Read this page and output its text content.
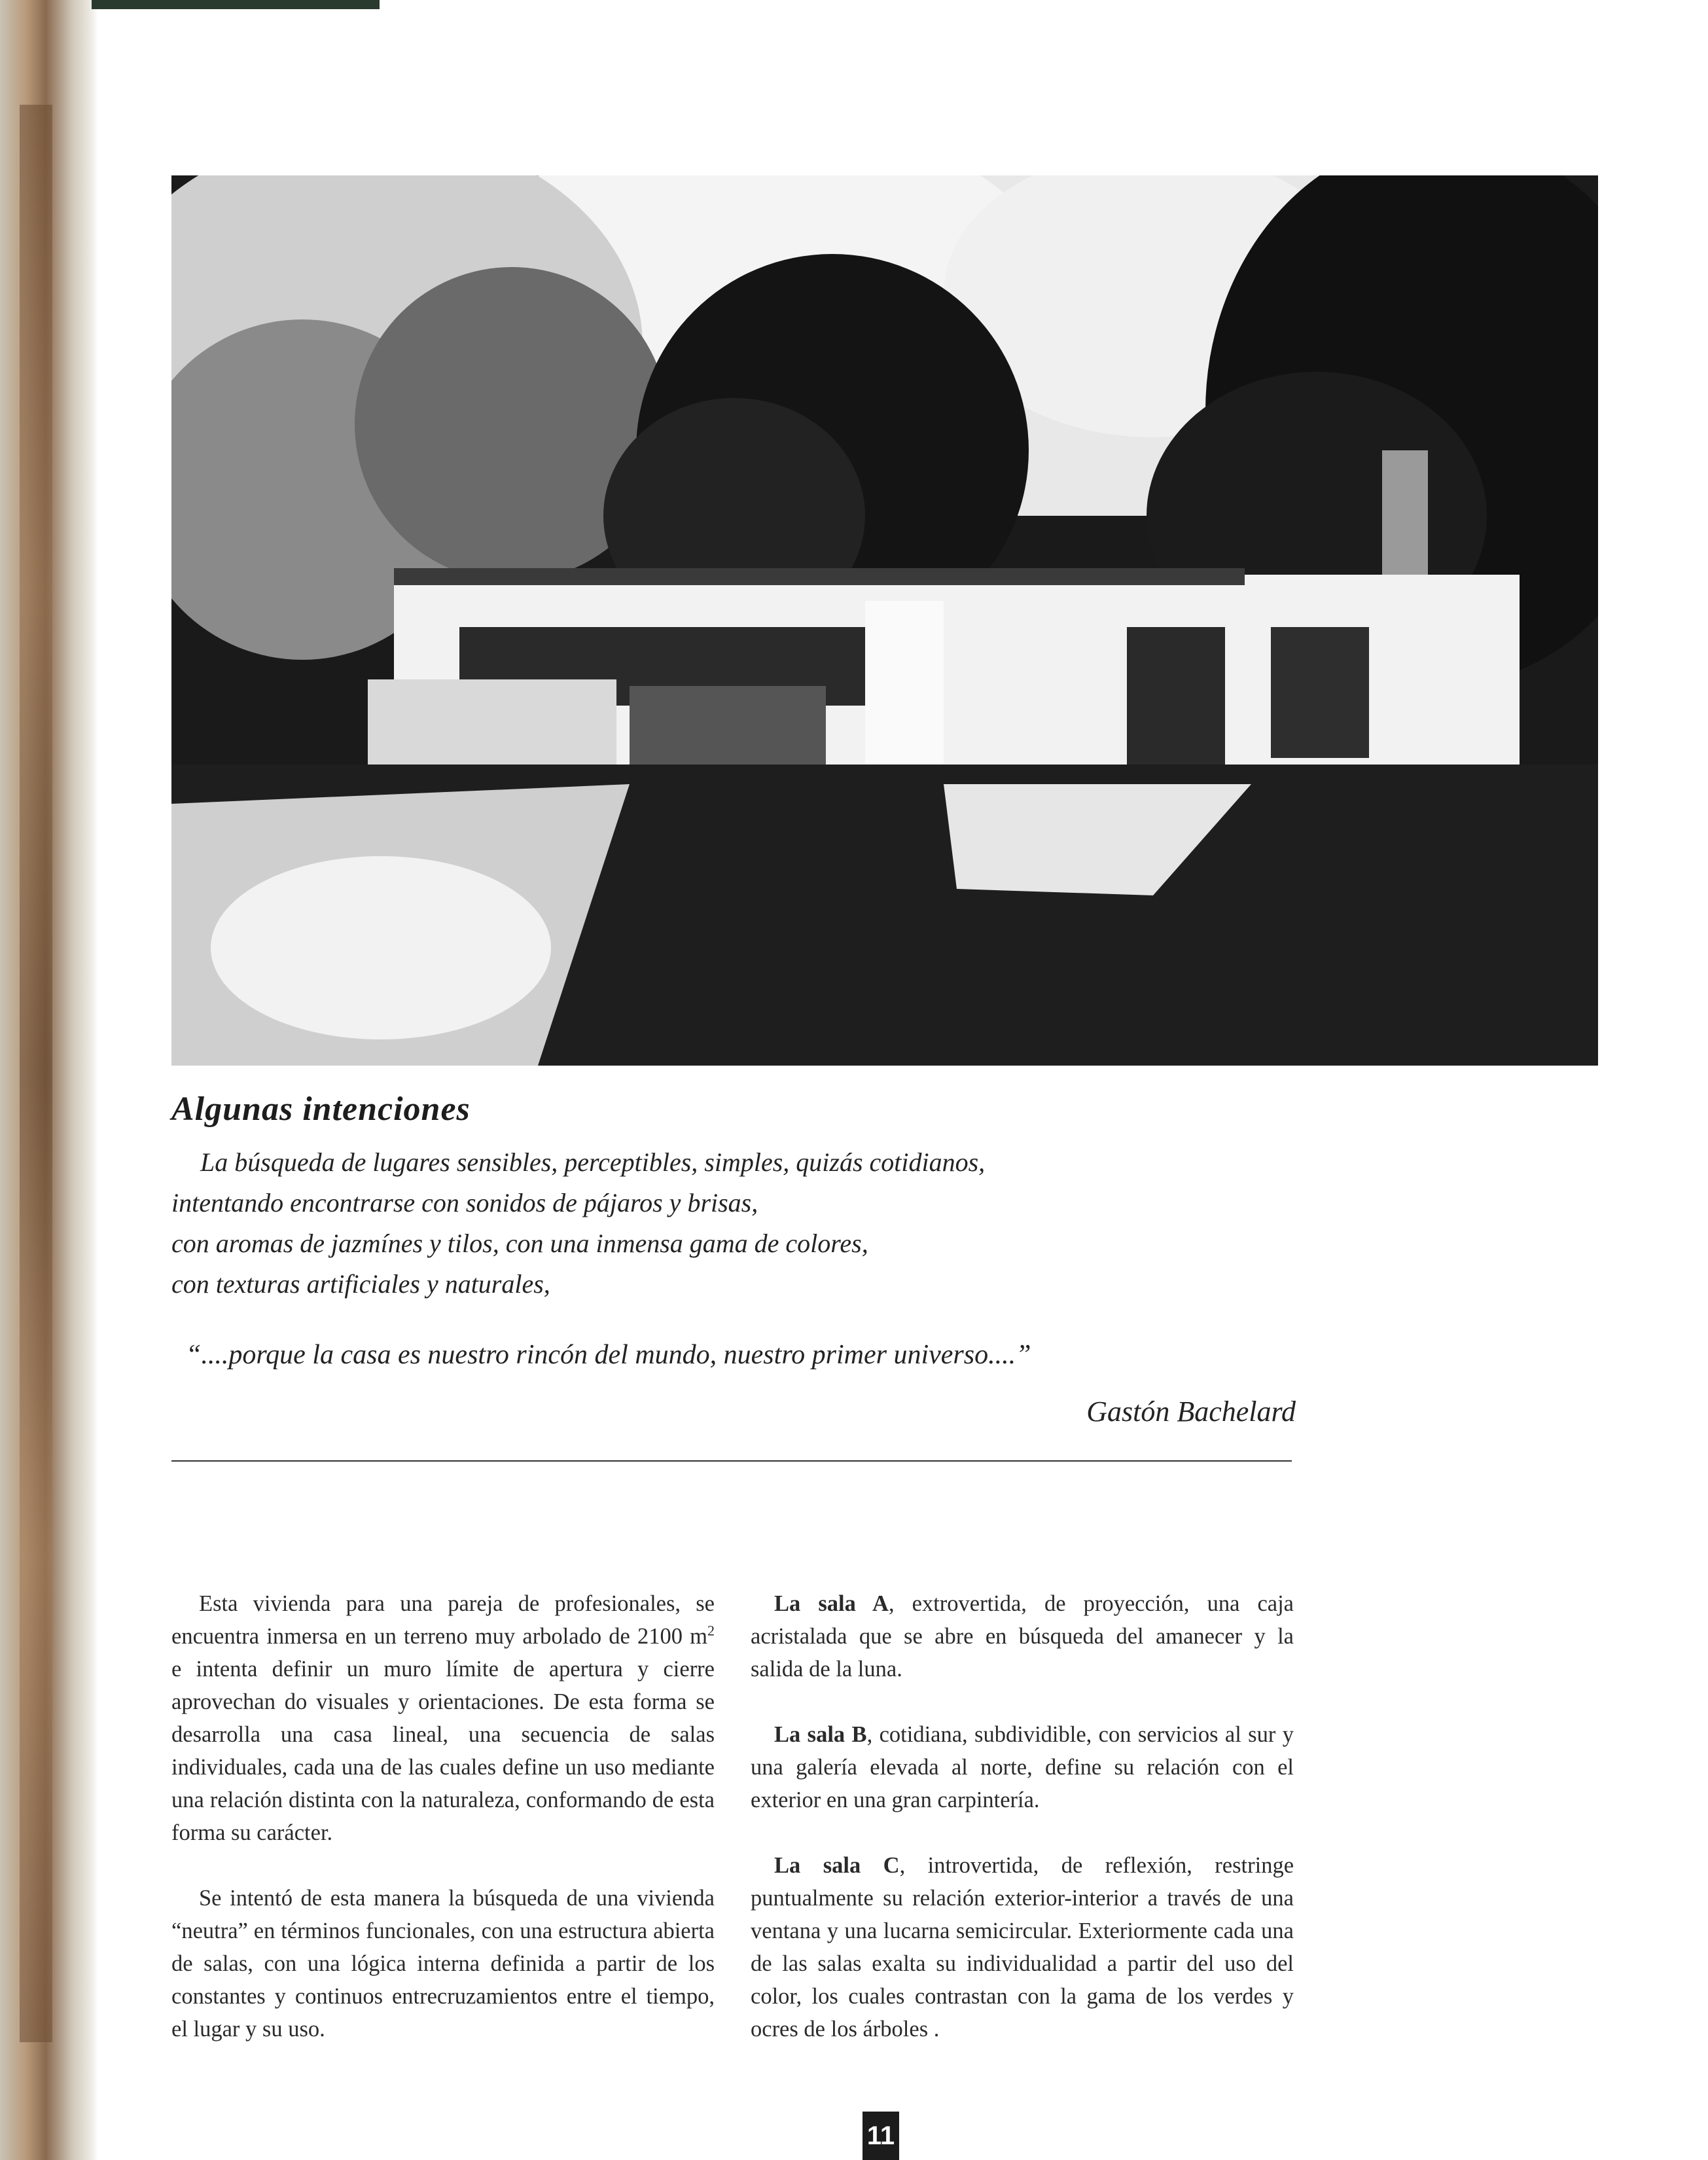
Algunas intenciones
La búsqueda de lugares sensibles, perceptibles, simples, quizás cotidianos,
intentando encontrarse con sonidos de pájaros y brisas,
con aromas de jazmínes y tilos, con una inmensa gama de colores,
con texturas artificiales y naturales,
“....porque la casa es nuestro rincón del mundo, nuestro primer universo....”
Gastón Bachelard

Esta vivienda para una pareja de profesionales, se encuentra inmersa en un terreno muy arbolado de 2100 $m^2$ e intenta definir un muro límite de apertura y cierre aprovechan do visuales y orientaciones. De esta forma se desarrolla una casa lineal, una secuencia de salas individuales, cada una de las cuales define un uso mediante una relación distinta con la naturaleza, conformando de esta forma su carácter.

Se intentó de esta manera la búsqueda de una vivienda “neutra” en términos funcionales, con una estructura abierta de salas, con una lógica interna definida a partir de los constantes y continuos entrecruzamientos entre el tiempo, el lugar y su uso.

La sala A, extrovertida, de proyección, una caja acristalada que se abre en búsqueda del amanecer y la salida de la luna.

La sala B, cotidiana, subdividible, con servicios al sur y una galería elevada al norte, define su relación con el exterior en una gran carpintería.

La sala C, introvertida, de reflexión, restringe puntualmente su relación exterior-interior a través de una ventana y una lucarna semicircular. Exteriormente cada una de las salas exalta su individualidad a partir del uso del color, los cuales contrastan con la gama de los verdes y ocres de los árboles .

11
